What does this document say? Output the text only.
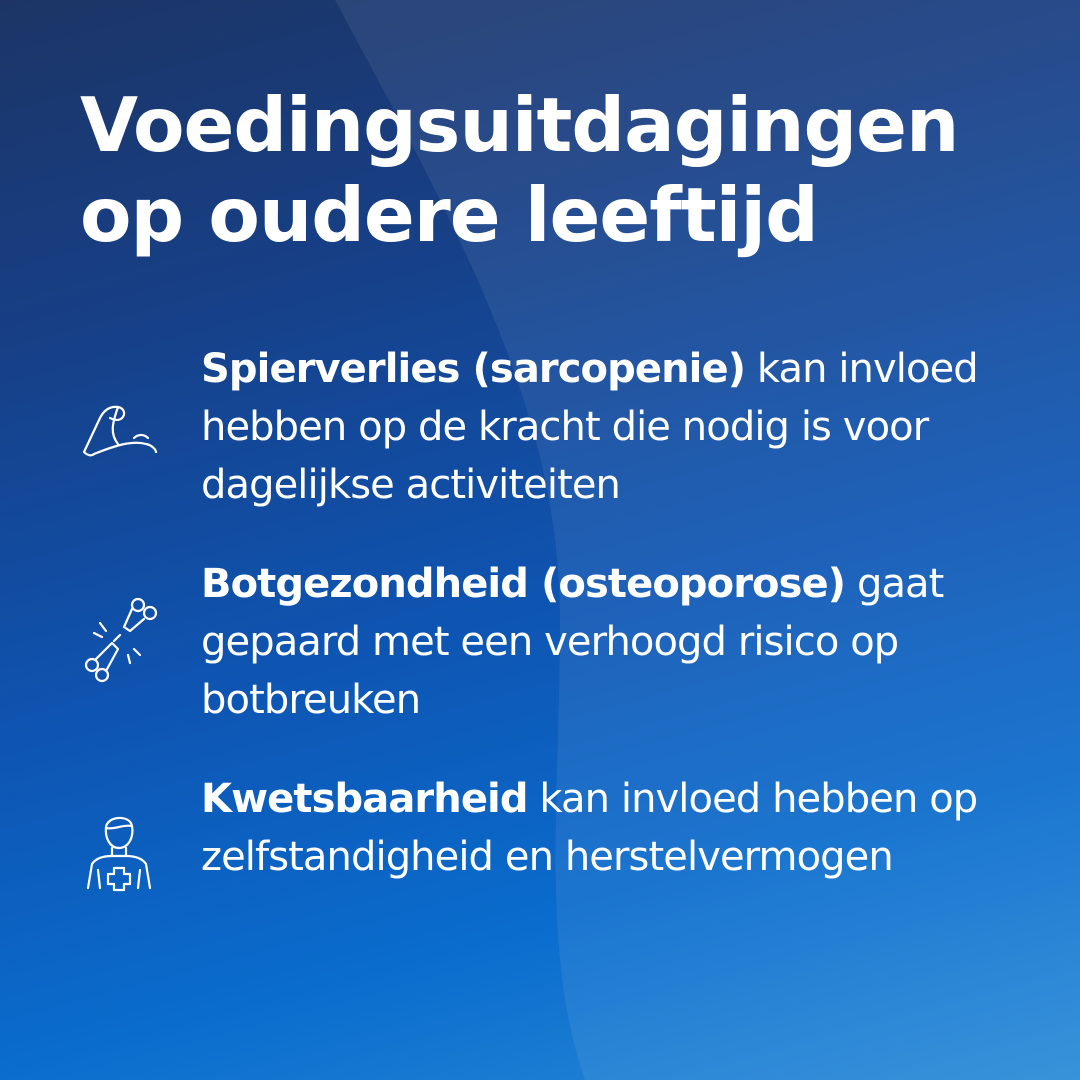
Voedingsuitdagingen
op oudere leeftijd
Spierverlies (sarcopenie) kan invloed hebben op de kracht die nodig is voor dagelijkse activiteiten
Botgezondheid (osteoporose) gaat gepaard met een verhoogd risico op botbreuken
Kwetsbaarheid kan invloed hebben op zelfstandigheid en herstelvermogen
